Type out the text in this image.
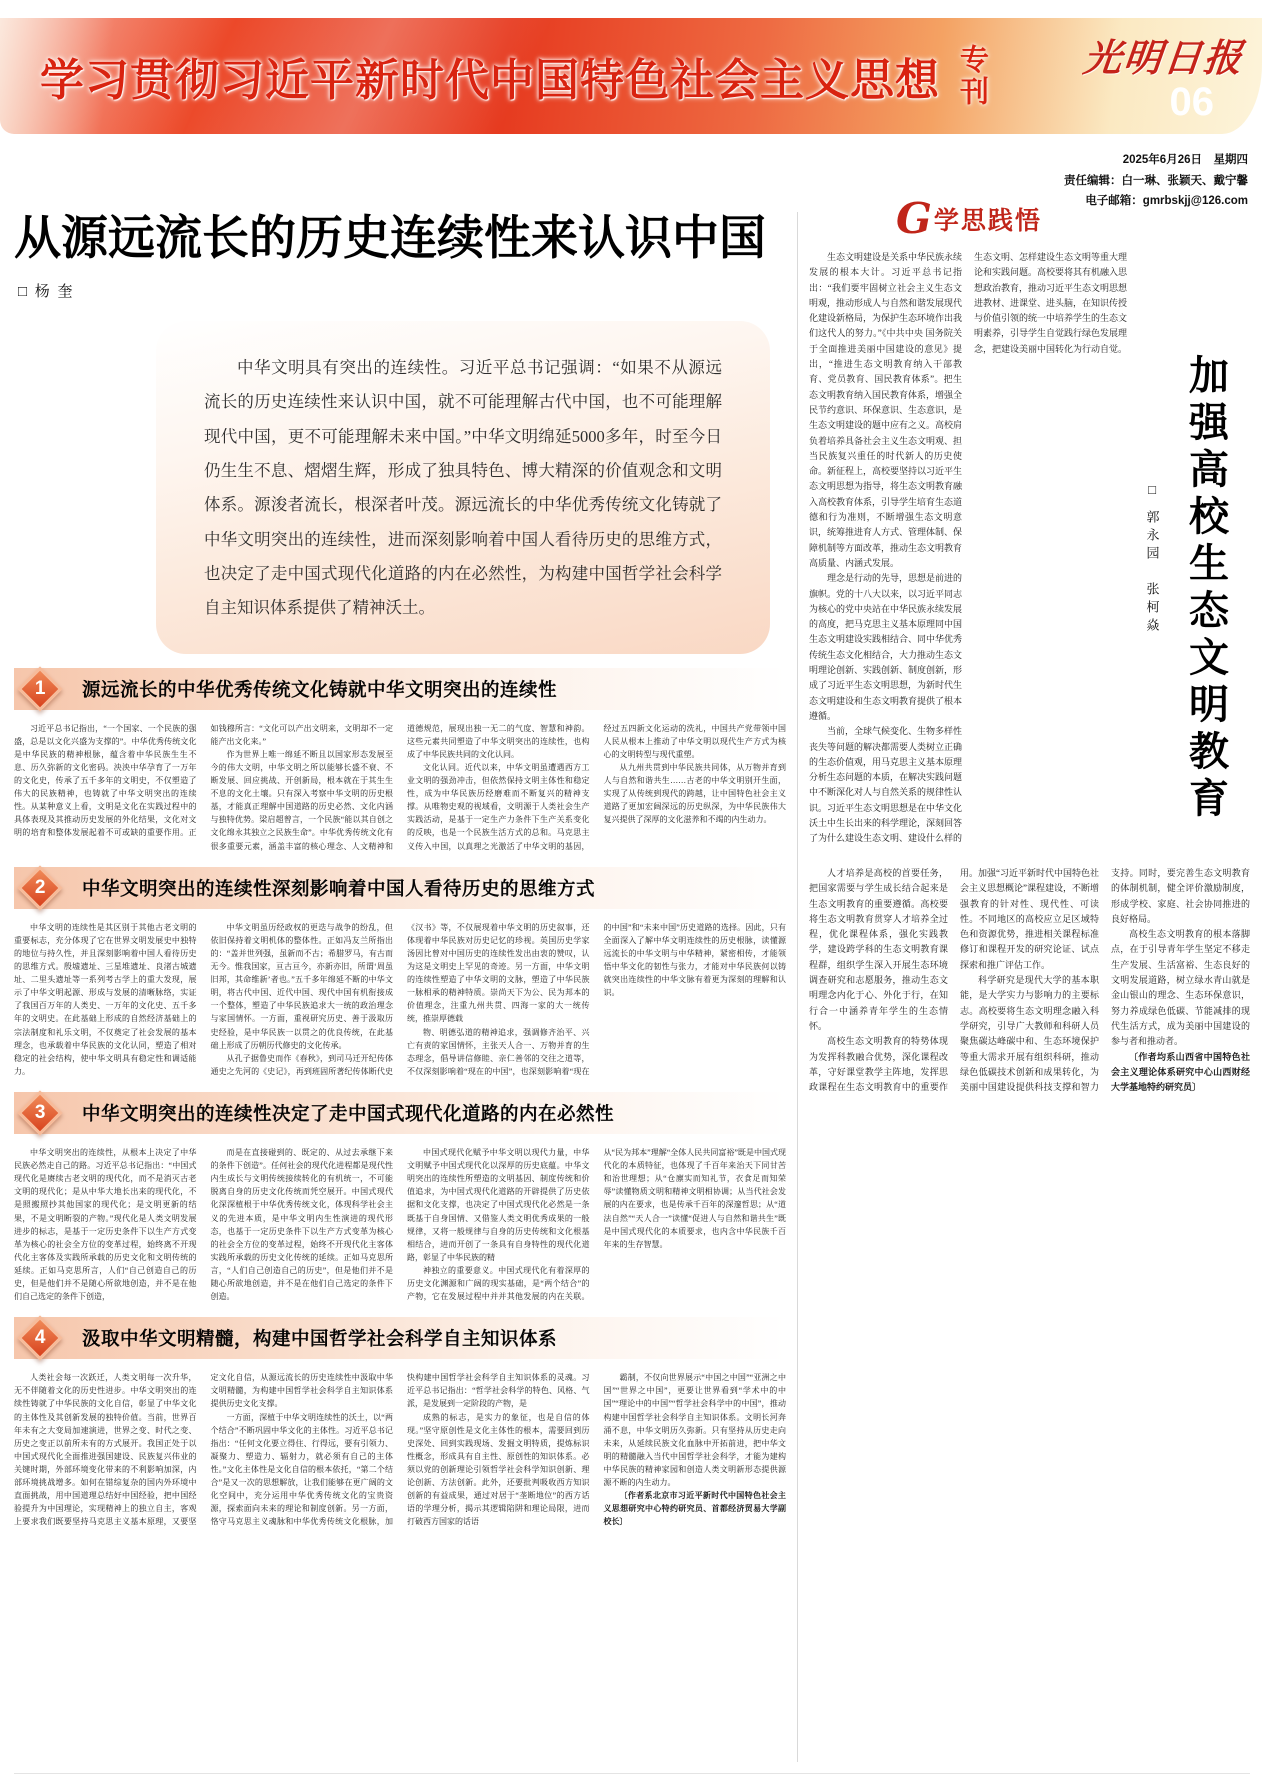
学习贯彻习近平新时代中国特色社会主义思想 专刊 光明日报
06
2025年6月26日　星期四
责任编辑：白一琳、张颖天、戴宁馨
电子邮箱：gmrbskjj@126.com
从源远流长的历史连续性来认识中国
□ 杨 奎

中华文明具有突出的连续性。习近平总书记强调：“如果不从源远流长的历史连续性来认识中国，就不可能理解古代中国，也不可能理解现代中国，更不可能理解未来中国。”中华文明绵延5000多年，时至今日仍生生不息、熠熠生辉，形成了独具特色、博大精深的价值观念和文明体系。源浚者流长，根深者叶茂。源远流长的中华优秀传统文化铸就了中华文明突出的连续性，进而深刻影响着中国人看待历史的思维方式，也决定了走中国式现代化道路的内在必然性，为构建中国哲学社会科学自主知识体系提供了精神沃土。

1 源远流长的中华优秀传统文化铸就中华文明突出的连续性

习近平总书记指出，“一个国家、一个民族的强盛，总是以文化兴盛为支撑的”。中华优秀传统文化是中华民族的精神根脉，蕴含着中华民族生生不息、历久弥新的文化密码。泱泱中华孕育了一万年的文化史，传承了五千多年的文明史，不仅塑造了伟大的民族精神，也铸就了中华文明突出的连续性。从某种意义上看，文明是文化在实践过程中的具体表现及其推动历史发展的外化结果，文化对文明的培育和整体发展起着不可或缺的重要作用。正如钱穆所言：“文化可以产出文明来，文明却不一定能产出文化来。”

作为世界上唯一绵延不断且以国家形态发展至今的伟大文明，中华文明之所以能够长盛不衰、不断发展、回应挑战、开创新局，根本就在于其生生不息的文化土壤。只有深入考察中华文明的历史根基，才能真正理解中国道路的历史必然、文化内涵与独特优势。梁启超曾言，一个民族“能以其自创之文化绵永其独立之民族生命”。中华优秀传统文化有很多重要元素，涵盖丰富的核心理念、人文精神和道德规范，展现出独一无二的气度、智慧和神韵。这些元素共同塑造了中华文明突出的连续性，也构成了中华民族共同的文化认同。

文化认同。近代以来，中华文明虽遭遇西方工业文明的强劲冲击，但依然保持文明主体性和稳定性，成为中华民族历经磨难而不断复兴的精神支撑。从唯物史观的视域看，文明源于人类社会生产实践活动，是基于一定生产力条件下生产关系变化的反映，也是一个民族生活方式的总和。马克思主义传入中国，以真理之光激活了中华文明的基因，经过五四新文化运动的洗礼，中国共产党带领中国人民从根本上推动了中华文明以现代生产方式为核心的文明转型与现代重塑。

从九州共贯到中华民族共同体，从万物并育到人与自然和谐共生……古老的中华文明别开生面，实现了从传统到现代的跨越，让中国特色社会主义道路了更加宏阔深远的历史纵深，为中华民族伟大复兴提供了深厚的文化滋养和不竭的内生动力。

2 中华文明突出的连续性深刻影响着中国人看待历史的思维方式

中华文明的连续性是其区别于其他古老文明的重要标志，充分体现了它在世界文明发展史中独特的地位与持久性，并且深刻影响着中国人看待历史的思维方式。殷墟遗址、三星堆遗址、良渚古城遗址、二里头遗址等一系列考古学上的重大发现，展示了中华文明起源、形成与发展的清晰脉络，实证了我国百万年的人类史、一万年的文化史、五千多年的文明史。在此基础上形成的自然经济基础上的宗法制度和礼乐文明，不仅奠定了社会发展的基本理念，也承载着中华民族的文化认同，塑造了相对稳定的社会结构，使中华文明具有稳定性和调适能力。

中华文明虽历经政权的更迭与战争的纷乱，但依旧保持着文明机体的整体性。正如冯友兰所指出的：“盖并世列强，虽新而不古；希腊罗马，有古而无今。惟我国家，亘古亘今，亦新亦旧，所谓‘周虽旧邦，其命维新’者也。”五千多年绵延不断的中华文明，将古代中国、近代中国、现代中国有机衔接成一个整体，塑造了中华民族追求大一统的政治理念与家国情怀。一方面，重视研究历史、善于汲取历史经验，是中华民族一以贯之的优良传统，在此基础上形成了历朝历代修史的文化传承。

从孔子据鲁史而作《春秋》，到司马迁开纪传体通史之先河的《史记》，再到班固所著纪传体断代史《汉书》等，不仅展现着中华文明的历史叙事，还体现着中华民族对历史记忆的珍视。英国历史学家汤因比曾对中国历史的连续性发出由衷的赞叹，认为这是文明史上罕见的奇迹。另一方面，中华文明的连续性塑造了中华文明的文脉，塑造了中华民族一脉相承的精神特质。崇尚天下为公、民为邦本的价值理念，注重九州共贯、四海一家的大一统传统，推崇厚德载

物、明德弘道的精神追求，强调修齐治平、兴亡有责的家国情怀，主张天人合一、万物并育的生态理念，倡导讲信修睦、亲仁善邻的交往之道等，不仅深刻影响着“现在的中国”，也深刻影响着“现在的中国”和“未来中国”历史道路的选择。因此，只有全面深入了解中华文明连续性的历史根脉，读懂源远流长的中华文明与中华精神，紧密相传，才能领悟中华文化的韧性与张力，才能对中华民族何以铸就突出连续性的中华文脉有着更为深刻的理解和认识。

3 中华文明突出的连续性决定了走中国式现代化道路的内在必然性

中华文明突出的连续性，从根本上决定了中华民族必然走自己的路。习近平总书记指出：“中国式现代化是赓续古老文明的现代化，而不是消灭古老文明的现代化；是从中华大地长出来的现代化，不是照搬照抄其他国家的现代化；是文明更新的结果，不是文明断裂的产物。”现代化是人类文明发展进步的标志，是基于一定历史条件下以生产方式变革为核心的社会全方位的变革过程，始终离不开现代化主客体及实践所承载的历史文化和文明传统的延续。正如马克思所言，人们“自己创造自己的历史，但是他们并不是随心所欲地创造，并不是在他们自己选定的条件下创造，

而是在直接碰到的、既定的、从过去承继下来的条件下创造”。任何社会的现代化进程都是现代性内生成长与文明传统接续转化的有机统一，不可能脱离自身的历史文化传统而凭空展开。中国式现代化深深植根于中华优秀传统文化，体现科学社会主义的先进本质，是中华文明内生性演进的现代形态，也基于一定历史条件下以生产方式变革为核心的社会全方位的变革过程，始终不开现代化主客体实践所承载的历史文化传统的延续。正如马克思所言，“人们自己创造自己的历史”，但是他们并不是随心所欲地创造，并不是在他们自己选定的条件下创造。

中国式现代化赋予中华文明以现代力量，中华文明赋予中国式现代化以深厚的历史底蕴。中华文明突出的连续性所塑造的文明基因、制度传统和价值追求，为中国式现代化道路的开辟提供了历史依据和文化支撑，也决定了中国式现代化必然是一条既基于自身国情、又借鉴人类文明优秀成果的一般规律，又将一般规律与自身的历史传统和文化根基相结合，进而开创了一条具有自身特性的现代化道路，彰显了中华民族的精

神独立的重要意义。中国式现代化有着深厚的历史文化渊源和广阔的现实基础，是“两个结合”的产物，它在发展过程中并并其他发展的内在关联。从“民为邦本”理解“全体人民共同富裕”既是中国式现代化的本质特征，也体现了千百年来治天下同甘苦和治世理想；从“仓廪实而知礼节，衣食足而知荣辱”读懂物质文明和精神文明相协调；从当代社会发展的内在要求，也是传承千百年的深邃哲思；从“道法自然”“天人合一”读懂“促进人与自然和谐共生”既是中国式现代化的本质要求，也内含中华民族千百年来的生存智慧。

4 汲取中华文明精髓，构建中国哲学社会科学自主知识体系

人类社会每一次跃迁，人类文明每一次升华，无不伴随着文化的历史性进步。中华文明突出的连续性铸就了中华民族的文化自信，彰显了中华文化的主体性及其创新发展的独特价值。当前，世界百年未有之大变局加速演进，世界之变、时代之变、历史之变正以前所未有的方式展开。我国正处于以中国式现代化全面推进强国建设、民族复兴伟业的关键时期，外部环境变化带来的不利影响加深，内部环境挑战增多。如何在错综复杂的国内外环境中直面挑战，用中国道理总结好中国经验，把中国经验提升为中国理论，实现精神上的独立自主，客观上要求我们既要坚持马克思主义基本原理，又要坚定文化自信，从源远流长的历史连续性中汲取中华文明精髓，为构建中国哲学社会科学自主知识体系提供历史文化支撑。

一方面，深植于中华文明连续性的沃土，以“两个结合”不断巩固中华文化的主体性。习近平总书记指出：“任何文化要立得住、行得远，要有引领力、凝聚力、塑造力、辐射力，就必须有自己的主体性。”文化主体性是文化自信的根本依托，“第二个结合”是又一次的思想解放，让我们能够在更广阔的文化空间中，充分运用中华优秀传统文化的宝贵资源，探索面向未来的理论和制度创新。另一方面，恪守马克思主义魂脉和中华优秀传统文化根脉，加快构建中国哲学社会科学自主知识体系的灵魂。习近平总书记指出：“哲学社会科学的特色、风格、气派，是发展到一定阶段的产物，是

成熟的标志，是实力的象征，也是自信的体现。”坚守原创性是文化主体性的根本，需要回到历史深处、回到实践现场、发掘文明特质，提炼标识性概念，形成具有自主性、原创性的知识体系。必须以党的创新理论引领哲学社会科学知识创新、理论创新、方法创新。此外，还要批判吸收西方知识创新的有益成果，通过对居于“垄断地位”的西方话语的学理分析，揭示其逻辑陷阱和理论局限，进而打破西方国家的话语

霸制，不仅向世界展示“中国之中国”“亚洲之中国”“世界之中国”，更要让世界看到“学术中的中国”“理论中的中国”“哲学社会科学中的中国”，推动构建中国哲学社会科学自主知识体系。文明长河奔涌不息，中华文明历久弥新。只有坚持从历史走向未来，从延续民族文化血脉中开拓前进，把中华文明的精髓融入当代中国哲学社会科学，才能为建构中华民族的精神家园和创造人类文明新形态提供源源不断的内生动力。

〔作者系北京市习近平新时代中国特色社会主义思想研究中心特约研究员、首都经济贸易大学副校长〕

G 学思践悟

生态文明建设是关系中华民族永续发展的根本大计。习近平总书记指出：“我们要牢固树立社会主义生态文明观，推动形成人与自然和谐发展现代化建设新格局，为保护生态环境作出我们这代人的努力。”《中共中央 国务院关于全面推进美丽中国建设的意见》提出，“推进生态文明教育纳入干部教育、党员教育、国民教育体系”。把生态文明教育纳入国民教育体系，增强全民节约意识、环保意识、生态意识，是生态文明建设的题中应有之义。高校肩负着培养具备社会主义生态文明观、担当民族复兴重任的时代新人的历史使命。新征程上，高校要坚持以习近平生态文明思想为指导，将生态文明教育融入高校教育体系，引导学生培育生态道德和行为准则，不断增强生态文明意识，统筹推进育人方式、管理体制、保障机制等方面改革，推动生态文明教育高质量、内涵式发展。

理念是行动的先导，思想是前进的旗帜。党的十八大以来，以习近平同志为核心的党中央站在中华民族永续发展的高度，把马克思主义基本原理同中国生态文明建设实践相结合、同中华优秀传统生态文化相结合，大力推动生态文明理论创新、实践创新、制度创新，形成了习近平生态文明思想，为新时代生态文明建设和生态文明教育提供了根本遵循。

当前，全球气候变化、生物多样性丧失等问题的解决都需要人类树立正确的生态价值观，用马克思主义基本原理分析生态问题的本质，在解决实践问题中不断深化对人与自然关系的规律性认识。习近平生态文明思想是在中华文化沃土中生长出来的科学理论，深刻回答了为什么建设生态文明、建设什么样的生态文明、怎样建设生态文明等重大理论和实践问题。高校要将其有机融入思想政治教育，推动习近平生态文明思想进教材、进课堂、进头脑，在知识传授与价值引领的统一中培养学生的生态文明素养，引导学生自觉践行绿色发展理念，把建设美丽中国转化为行动自觉。

加强高校生态文明教育
□ 郭永园　张柯焱

人才培养是高校的首要任务，把国家需要与学生成长结合起来是生态文明教育的重要遵循。高校要将生态文明教育贯穿人才培养全过程，优化课程体系，强化实践教学，建设跨学科的生态文明教育课程群，组织学生深入开展生态环境调查研究和志愿服务，推动生态文明理念内化于心、外化于行，在知行合一中涵养青年学生的生态情怀。

高校生态文明教育的特势体现为发挥科教融合优势，深化课程改革，守好课堂教学主阵地，发挥思政课程在生态文明教育中的重要作用。加强“习近平新时代中国特色社会主义思想概论”课程建设，不断增强教育的针对性、现代性、可读性。不同地区的高校应立足区域特色和资源优势，推进相关课程标准修订和课程开发的研究论证、试点探索和推广评估工作。

科学研究是现代大学的基本职能，是大学实力与影响力的主要标志。高校要将生态文明理念融入科学研究，引导广大教师和科研人员聚焦碳达峰碳中和、生态环境保护等重大需求开展有组织科研，推动绿色低碳技术创新和成果转化，为美丽中国建设提供科技支撑和智力支持。同时，要完善生态文明教育的体制机制，健全评价激励制度，形成学校、家庭、社会协同推进的良好格局。

高校生态文明教育的根本落脚点，在于引导青年学生坚定不移走生产发展、生活富裕、生态良好的文明发展道路，树立绿水青山就是金山银山的理念、生态环保意识，努力养成绿色低碳、节能减排的现代生活方式，成为美丽中国建设的参与者和推动者。

〔作者均系山西省中国特色社会主义理论体系研究中心山西财经大学基地特约研究员〕
